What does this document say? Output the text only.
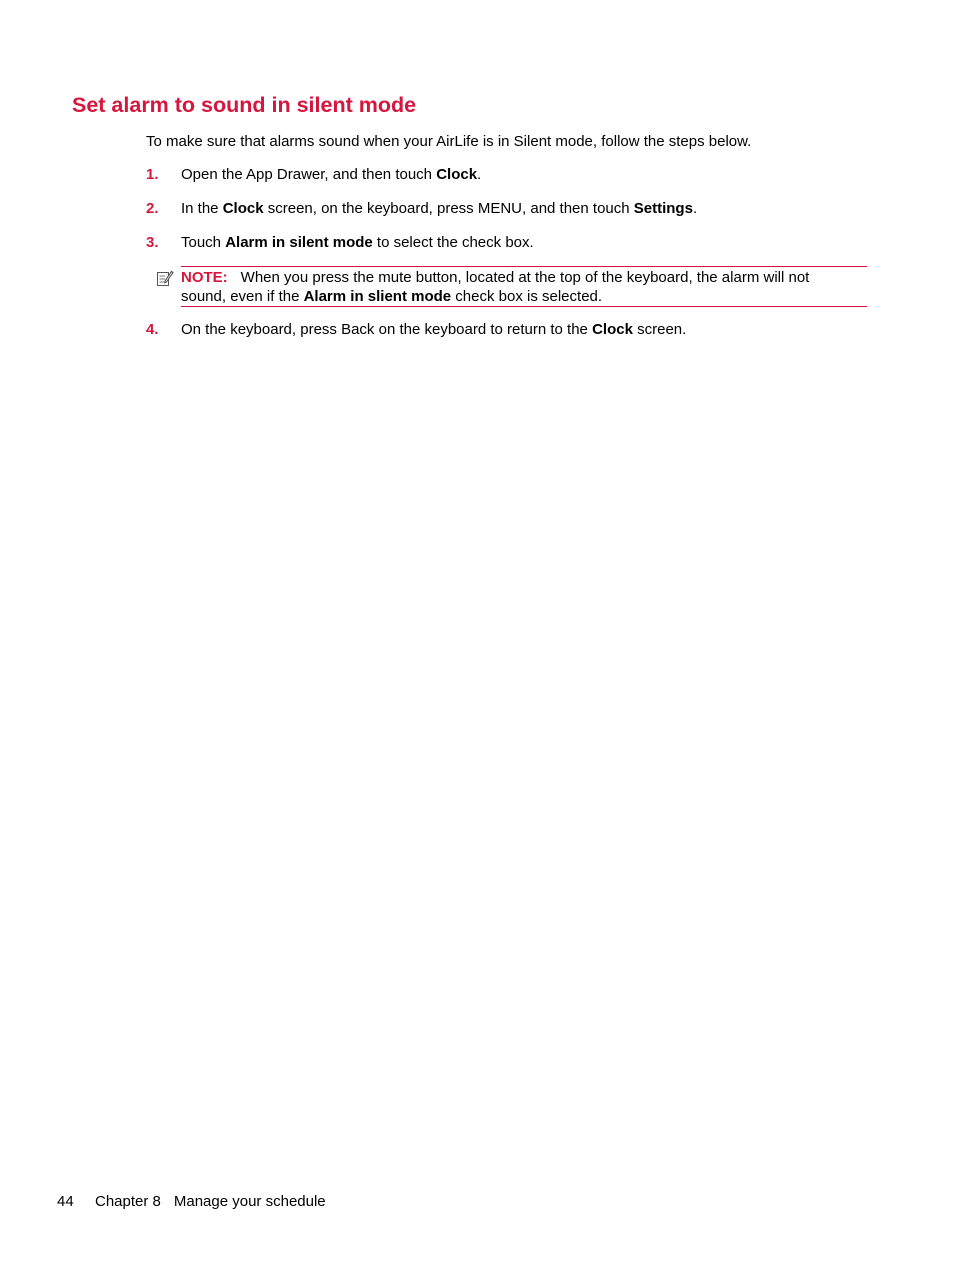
Set alarm to sound in silent mode

To make sure that alarms sound when your AirLife is in Silent mode, follow the steps below.

1. Open the App Drawer, and then touch Clock.
2. In the Clock screen, on the keyboard, press MENU, and then touch Settings.
3. Touch Alarm in silent mode to select the check box.
NOTE: When you press the mute button, located at the top of the keyboard, the alarm will not
sound, even if the Alarm in slient mode check box is selected.
4. On the keyboard, press Back on the keyboard to return to the Clock screen.
44 Chapter 8 Manage your schedule
